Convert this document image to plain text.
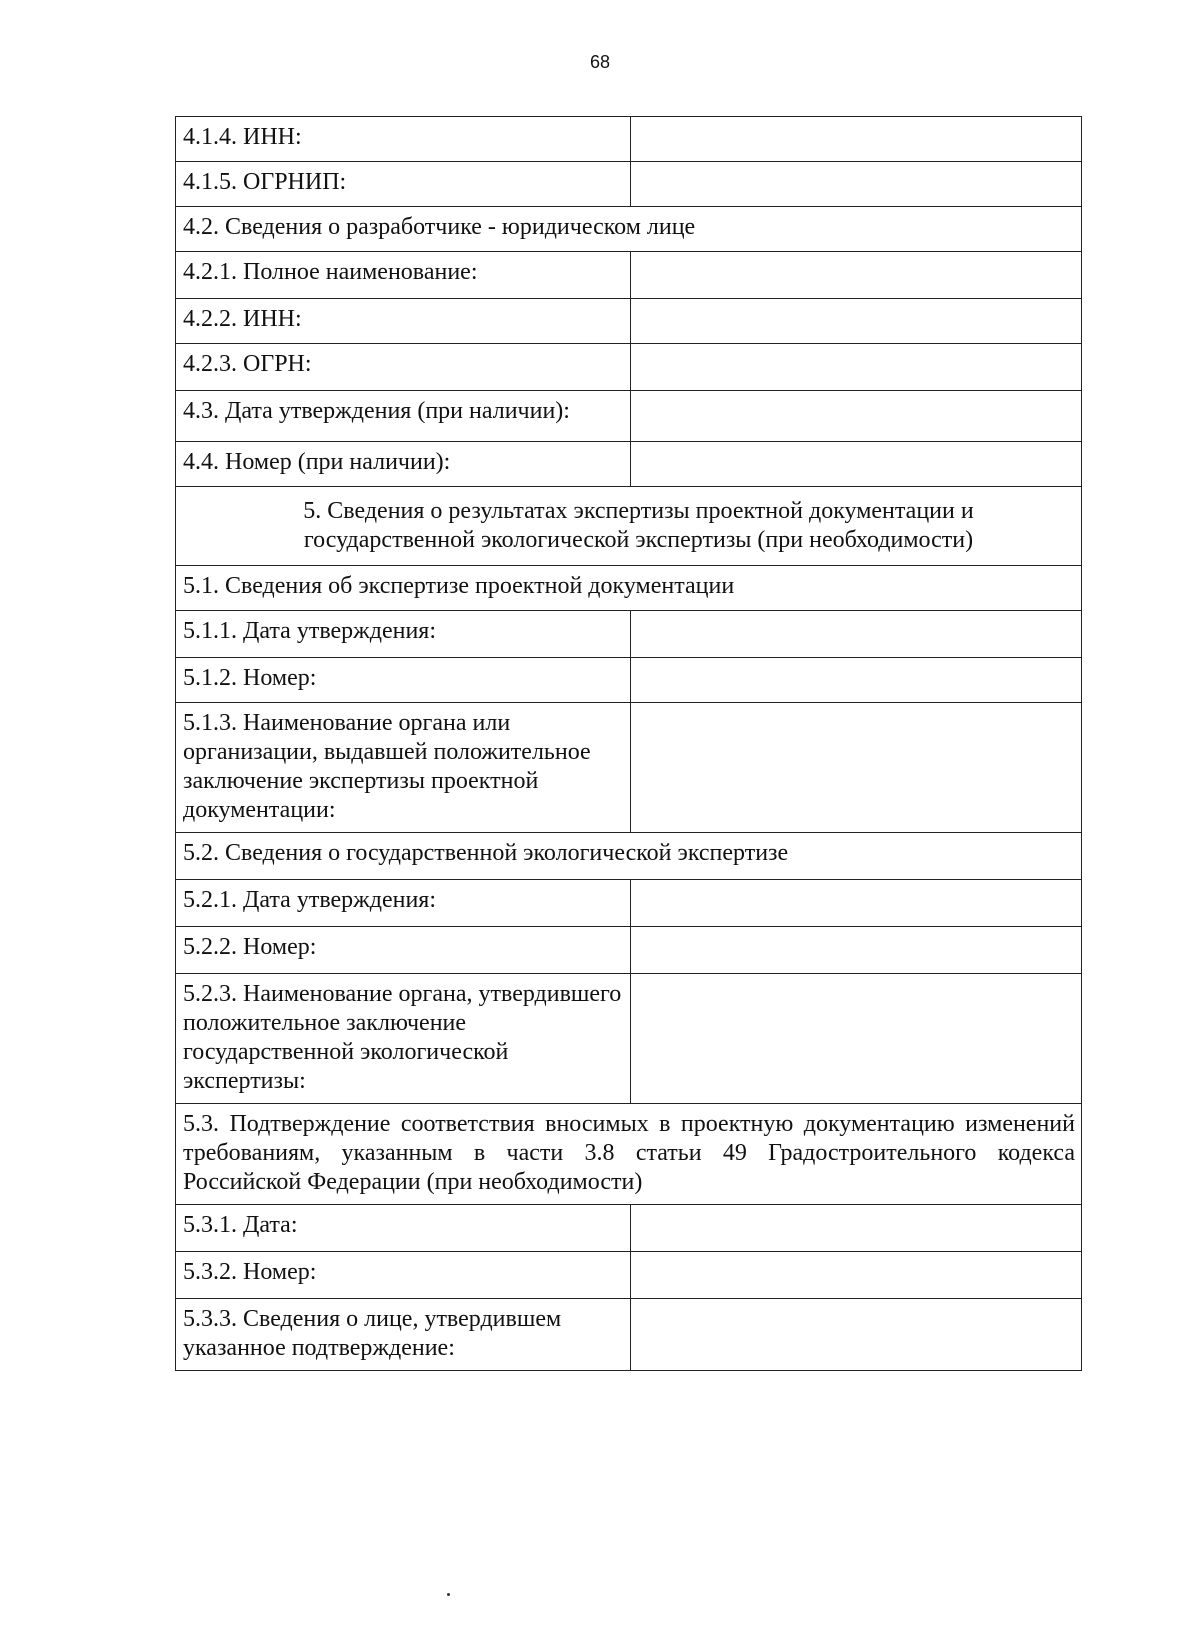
68
4.1.4. ИНН:	
4.1.5. ОГРНИП:	
4.2. Сведения о разработчике - юридическом лице	
4.2.1. Полное наименование:	
4.2.2. ИНН:	
4.2.3. ОГРН:	
4.3. Дата утверждения (при наличии):	
4.4. Номер (при наличии):	
5. Сведения о результатах экспертизы проектной документации и государственной экологической экспертизы (при необходимости)	
5.1. Сведения об экспертизе проектной документации	
5.1.1. Дата утверждения:	
5.1.2. Номер:	
5.1.3. Наименование органа или организации, выдавшей положительное заключение экспертизы проектной документации:	
5.2. Сведения о государственной экологической экспертизе	
5.2.1. Дата утверждения:	
5.2.2. Номер:	
5.2.3. Наименование органа, утвердившего положительное заключение государственной экологической экспертизы:	
5.3. Подтверждение соответствия вносимых в проектную документацию изменений требованиям, указанным в части 3.8 статьи 49 Градостроительного кодекса Российской Федерации (при необходимости)	
5.3.1. Дата:	
5.3.2. Номер:	
5.3.3. Сведения о лице, утвердившем указанное подтверждение:	
